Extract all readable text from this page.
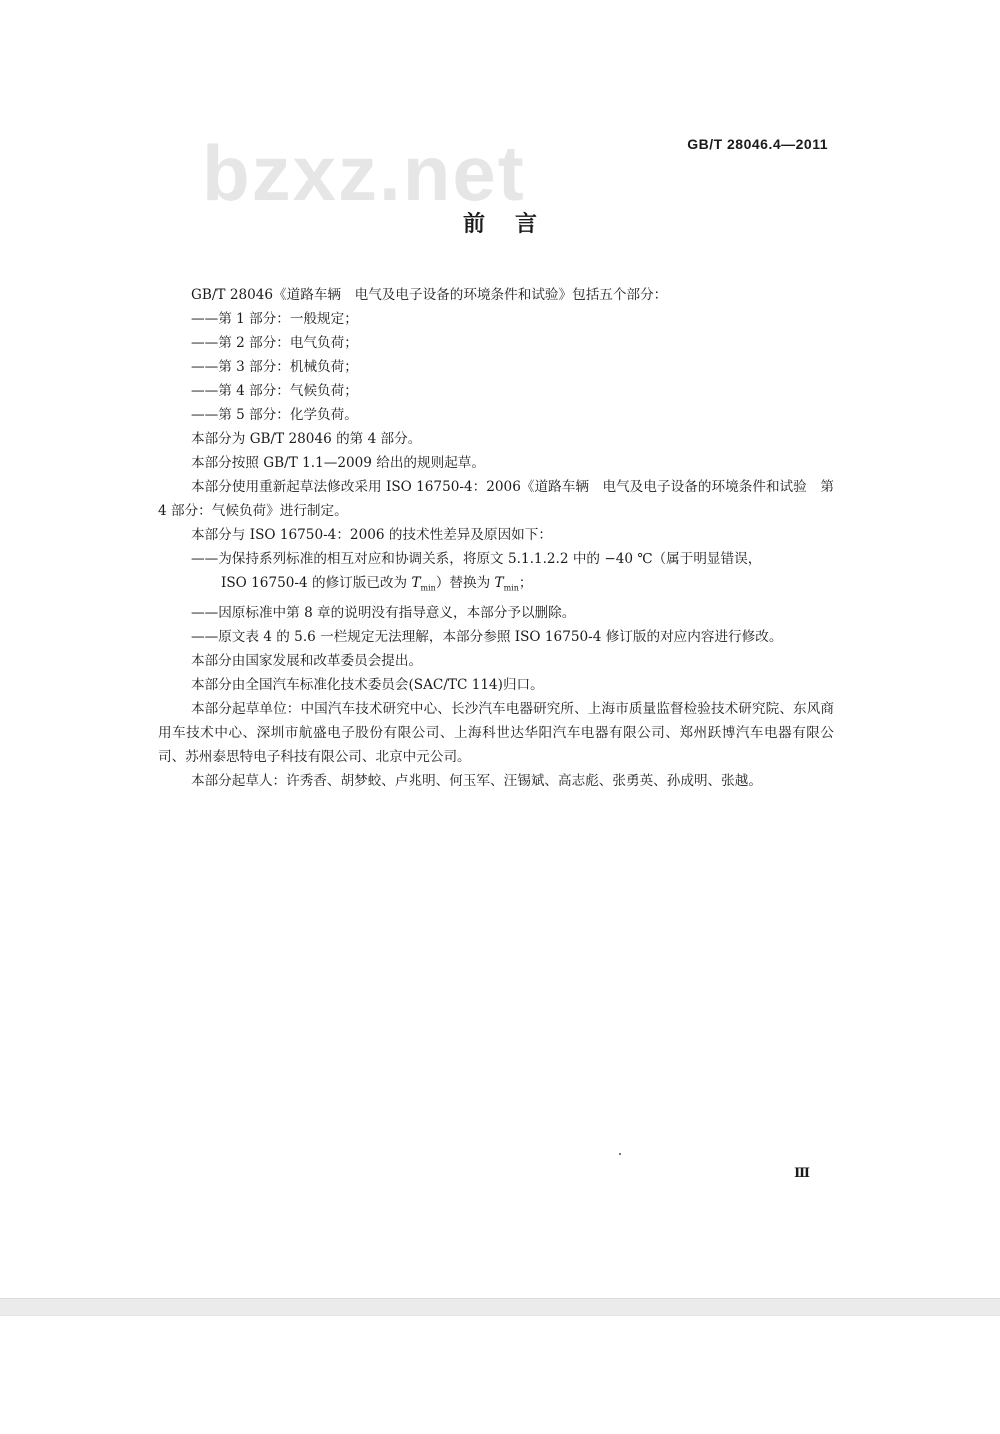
bzxz.net	GB/T 28046.4—2011
前言
GB/T 28046《道路车辆　电气及电子设备的环境条件和试验》包括五个部分：
——第 1 部分：一般规定；
——第 2 部分：电气负荷；
——第 3 部分：机械负荷；
——第 4 部分：气候负荷；
——第 5 部分：化学负荷。
本部分为 GB/T 28046 的第 4 部分。
本部分按照 GB/T 1.1—2009 给出的规则起草。
本部分使用重新起草法修改采用 ISO 16750-4：2006《道路车辆　电气及电子设备的环境条件和试验　第 4 部分：气候负荷》进行制定。
本部分与 ISO 16750-4：2006 的技术性差异及原因如下：
——为保持系列标准的相互对应和协调关系，将原文 5.1.1.2.2 中的 −40 ℃（属于明显错误，
ISO 16750-4 的修订版已改为 $T_{min}$）替换为 $T_{min}$；
——因原标准中第 8 章的说明没有指导意义，本部分予以删除。
——原文表 4 的 5.6 一栏规定无法理解，本部分参照 ISO 16750-4 修订版的对应内容进行修改。
本部分由国家发展和改革委员会提出。
本部分由全国汽车标准化技术委员会(SAC/TC 114)归口。
本部分起草单位：中国汽车技术研究中心、长沙汽车电器研究所、上海市质量监督检验技术研究院、东风商用车技术中心、深圳市航盛电子股份有限公司、上海科世达华阳汽车电器有限公司、郑州跃博汽车电器有限公司、苏州泰思特电子科技有限公司、北京中元公司。
本部分起草人：许秀香、胡梦蛟、卢兆明、何玉军、汪锡斌、高志彪、张勇英、孙成明、张越。
Ⅲ
